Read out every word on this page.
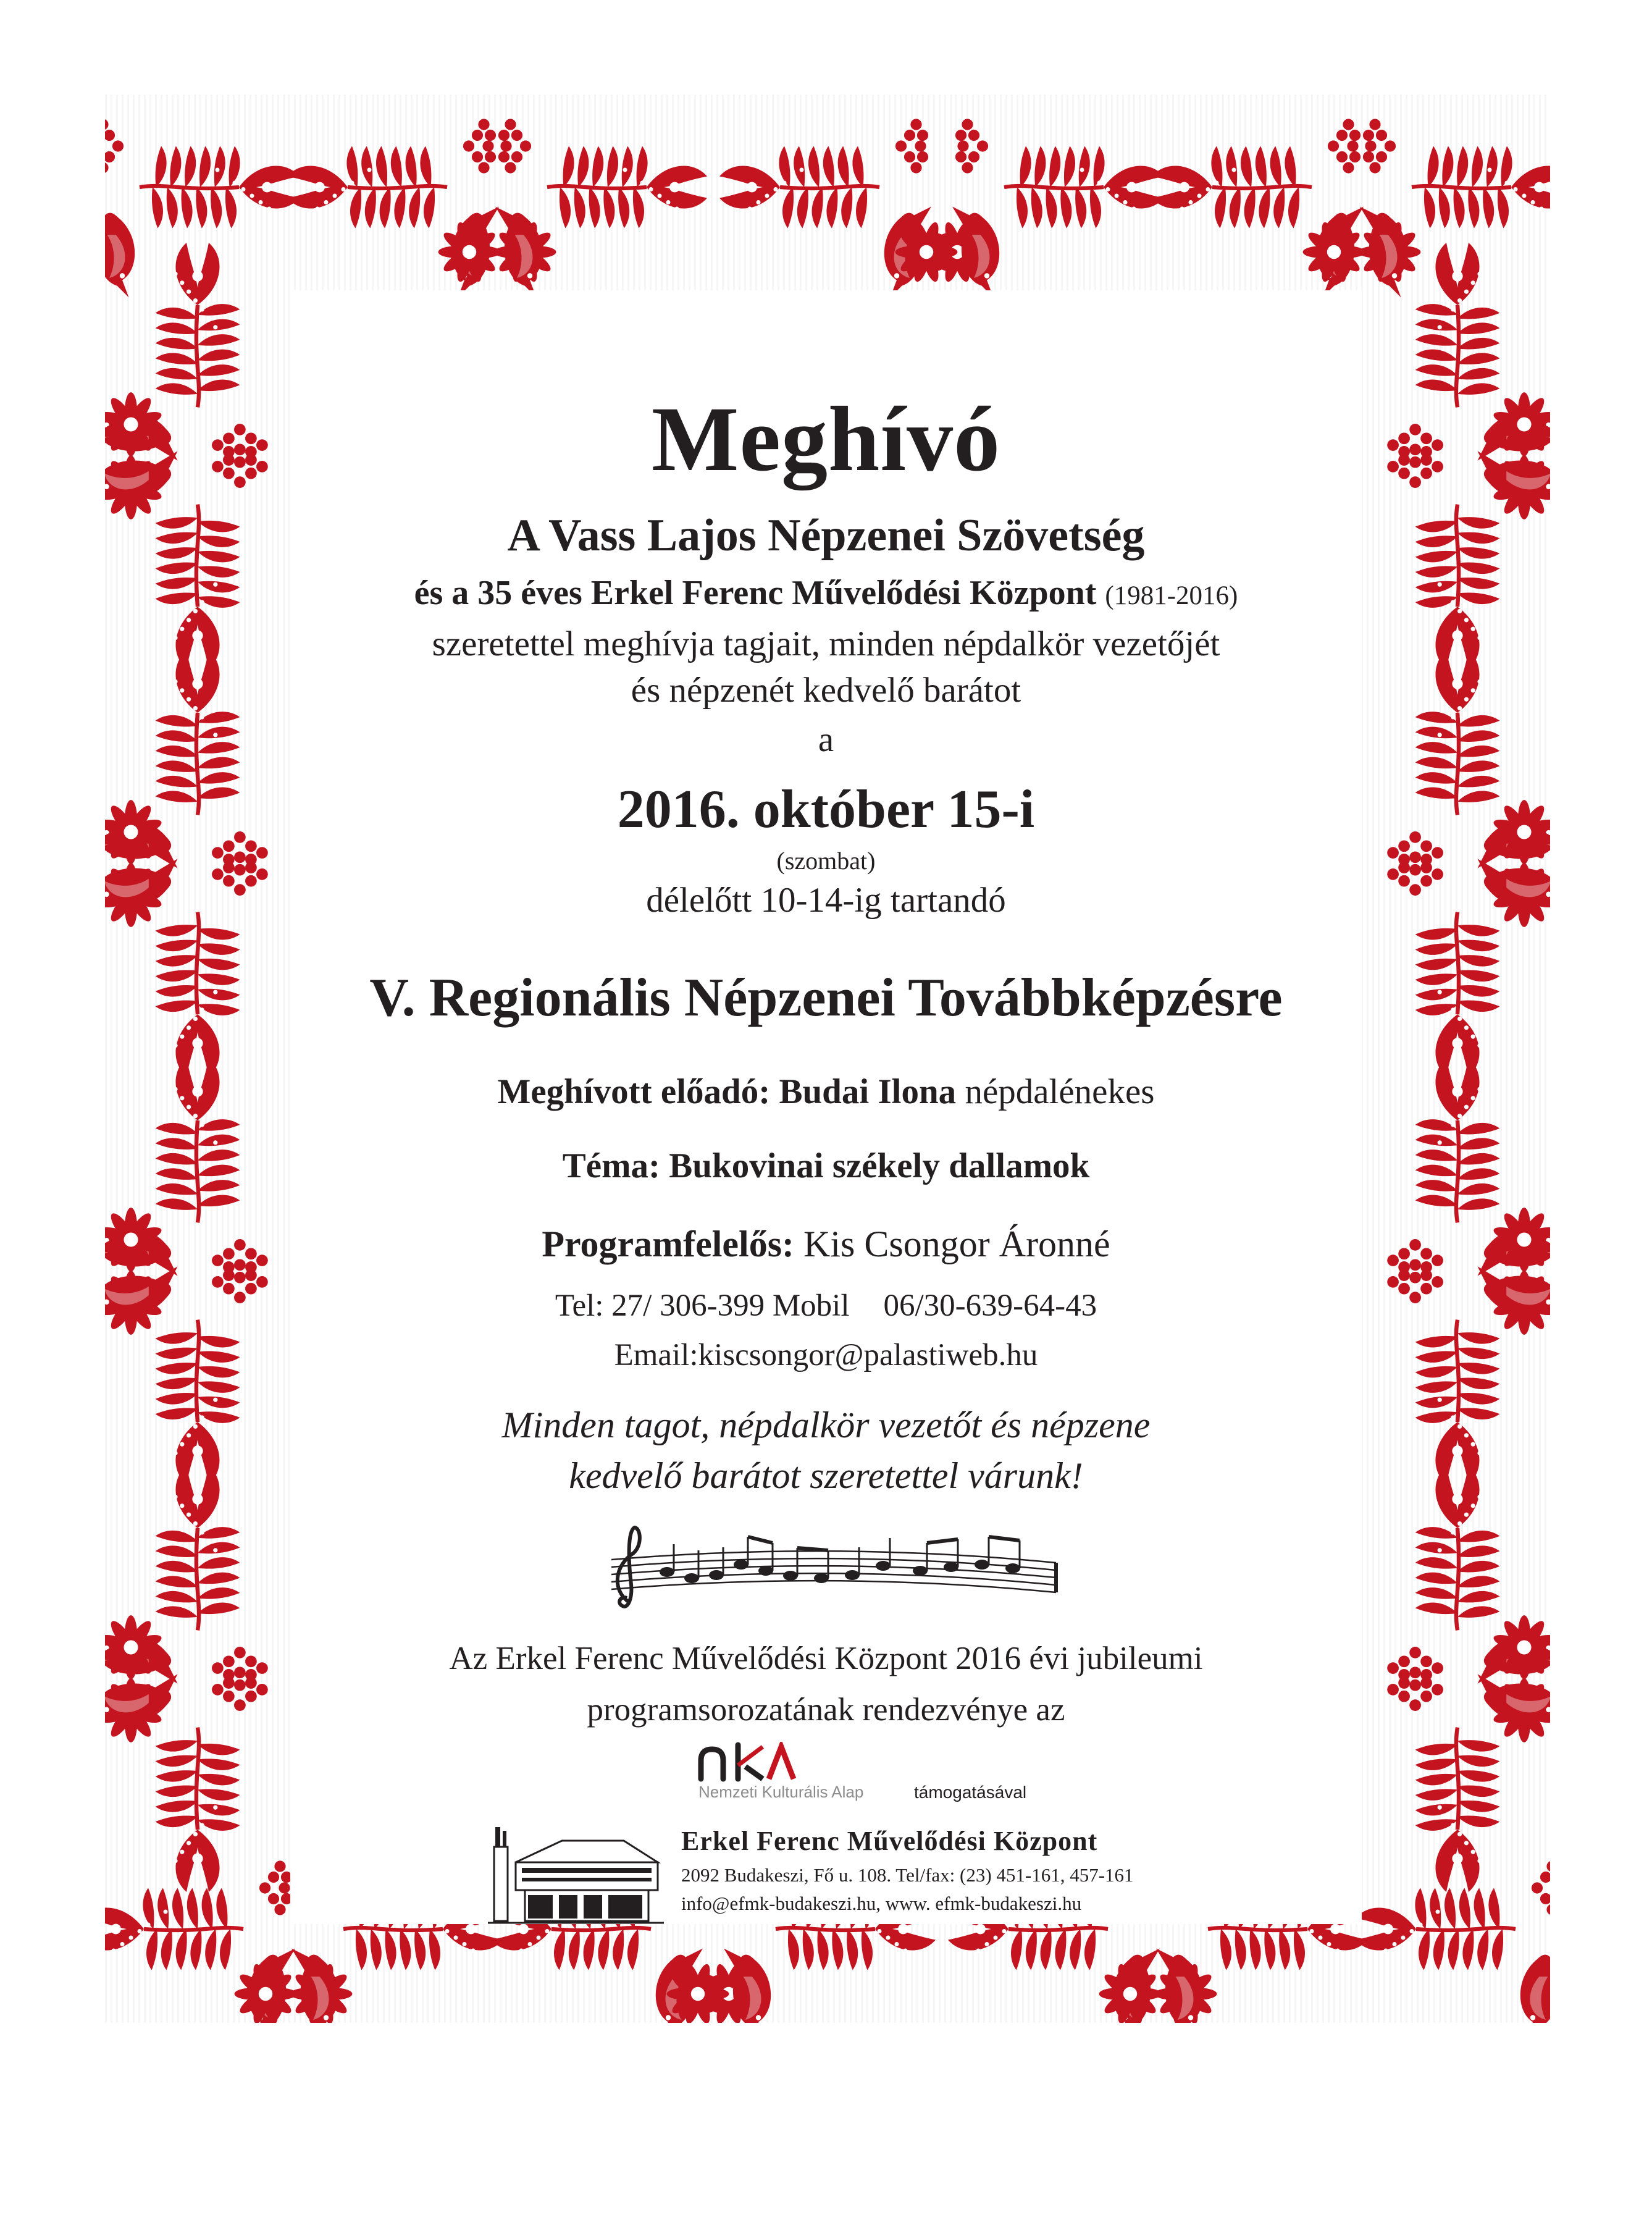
Meghívó
A Vass Lajos Népzenei Szövetség
és a 35 éves Erkel Ferenc Művelődési Központ (1981-2016)
szeretettel meghívja tagjait, minden népdalkör vezetőjét
és népzenét kedvelő barátot
a
2016. október 15-i
(szombat)
délelőtt 10-14-ig tartandó
V. Regionális Népzenei Továbbképzésre
Meghívott előadó: Budai Ilona népdalénekes
Téma: Bukovinai székely dallamok
Programfelelős: Kis Csongor Áronné
Tel: 27/ 306-399 Mobil 06/30-639-64-43
Email:kiscsongor@palastiweb.hu
Minden tagot, népdalkör vezetőt és népzene
kedvelő barátot szeretettel várunk!
Az Erkel Ferenc Művelődési Központ 2016 évi jubileumi
programsorozatának rendezvénye az
nka
Nemzeti Kulturális Alap	támogatásával
Erkel Ferenc Művelődési Központ
2092 Budakeszi, Fő u. 108. Tel/fax: (23) 451-161, 457-161
info@efmk-budakeszi.hu, www. efmk-budakeszi.hu
